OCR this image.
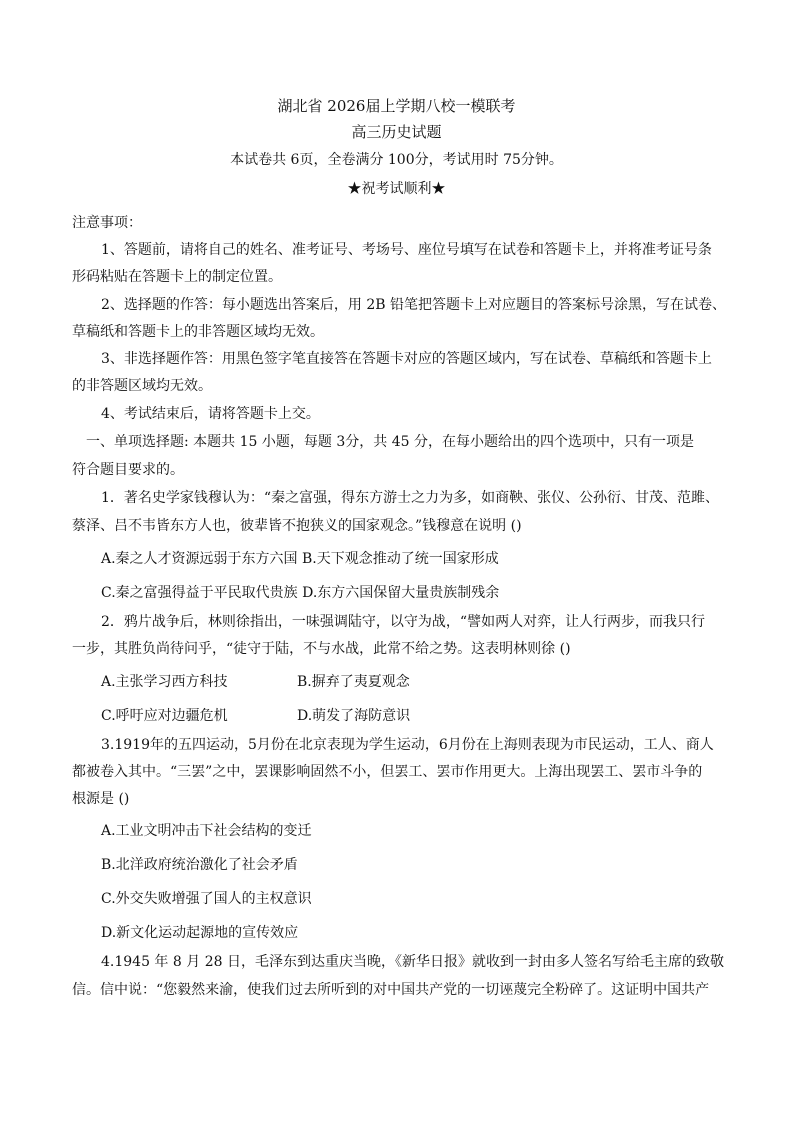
湖北省 2026届上学期八校一模联考
高三历史试题
本试卷共 6页，全卷满分 100分，考试用时 75分钟。
★祝考试顺利★
注意事项：
1、答题前，请将自己的姓名、准考证号、考场号、座位号填写在试卷和答题卡上，并将准考证号条
形码粘贴在答题卡上的制定位置。
2、选择题的作答：每小题选出答案后，用 2B 铅笔把答题卡上对应题目的答案标号涂黑，写在试卷、
草稿纸和答题卡上的非答题区域均无效。
3、非选择题作答：用黑色签字笔直接答在答题卡对应的答题区域内，写在试卷、草稿纸和答题卡上
的非答题区域均无效。
4、考试结束后，请将答题卡上交。
一、单项选择题: 本题共 15 小题，每题 3分，共 45 分，在每小题给出的四个选项中，只有一项是
符合题目要求的。
1．著名史学家钱穆认为：“秦之富强，得东方游士之力为多，如商鞅、张仪、公孙衍、甘茂、范雎、
蔡泽、吕不韦皆东方人也，彼辈皆不抱狭义的国家观念。”钱穆意在说明 ()
A.秦之人才资源远弱于东方六国 B.天下观念推动了统一国家形成
C.秦之富强得益于平民取代贵族 D.东方六国保留大量贵族制残余
2．鸦片战争后，林则徐指出，一味强调陆守，以守为战，“譬如两人对弈，让人行两步，而我只行
一步，其胜负尚待问乎，“徒守于陆，不与水战，此常不给之势。这表明林则徐 ()
A.主张学习西方科技	B.摒弃了夷夏观念
C.呼吁应对边疆危机	D.萌发了海防意识
3.1919年的五四运动，5月份在北京表现为学生运动，6月份在上海则表现为市民运动，工人、商人
都被卷入其中。“三罢”之中，罢课影响固然不小，但罢工、罢市作用更大。上海出现罢工、罢市斗争的
根源是 ()
A.工业文明冲击下社会结构的变迁
B.北洋政府统治激化了社会矛盾
C.外交失败增强了国人的主权意识
D.新文化运动起源地的宣传效应
4.1945 年 8 月 28 日，毛泽东到达重庆当晚，《新华日报》就收到一封由多人签名写给毛主席的致敬
信。信中说：“您毅然来渝，使我们过去所听到的对中国共产党的一切诬蔑完全粉碎了。这证明中国共产
